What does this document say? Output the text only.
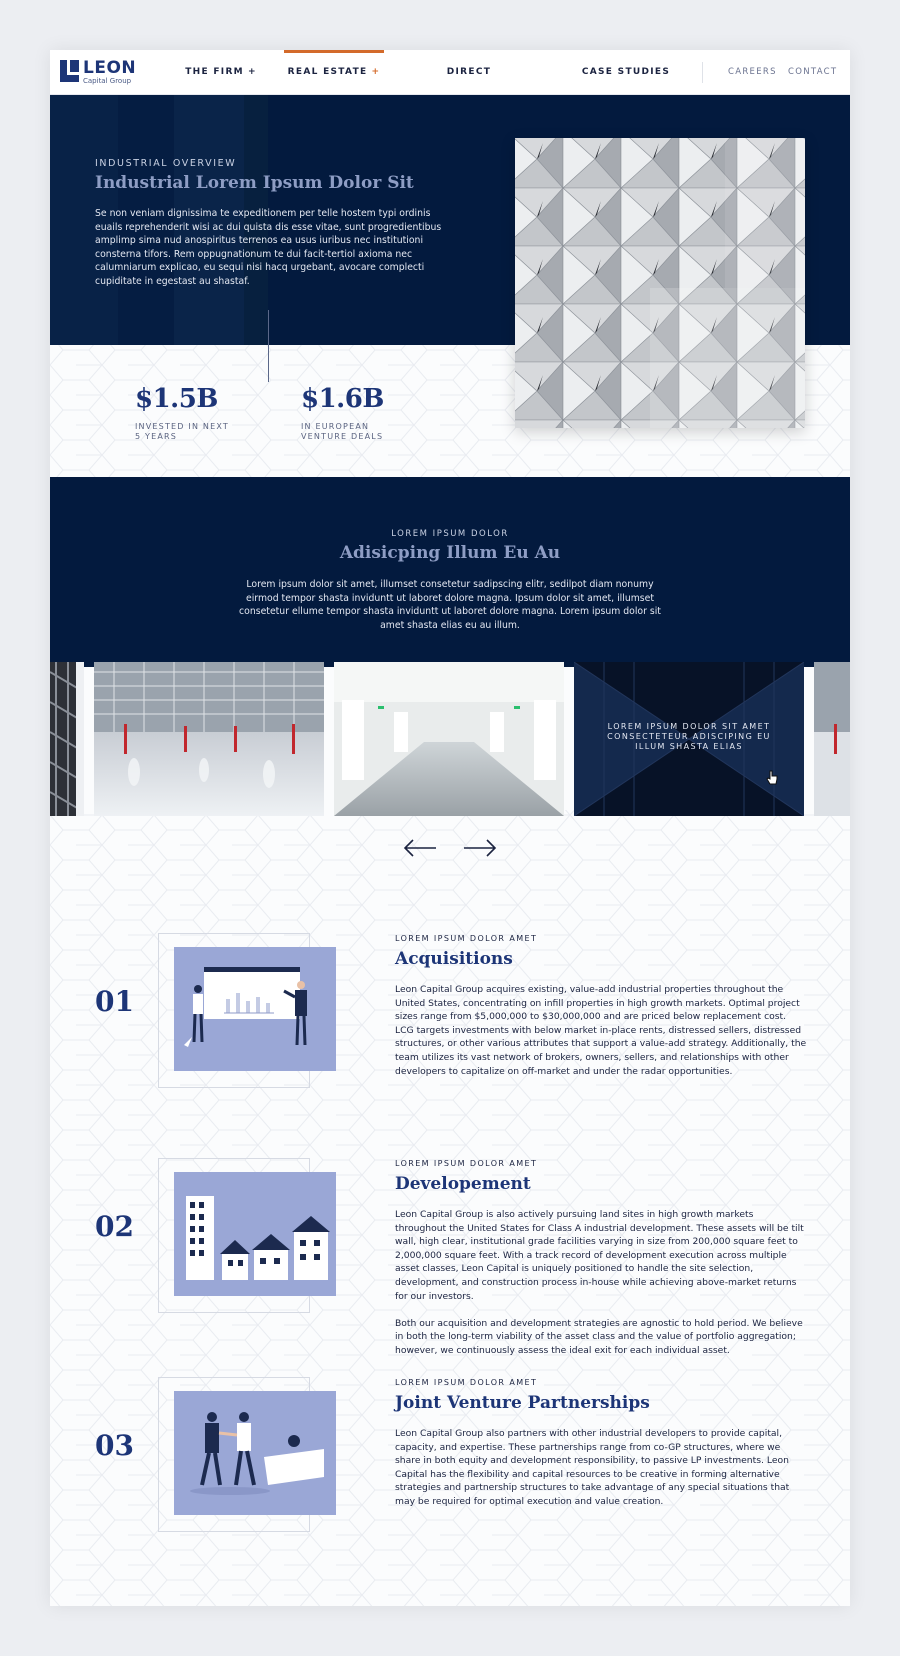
LEON
Capital Group
THE FIRM +	REAL ESTATE +	DIRECT	CASE STUDIES	CAREERS CONTACT
INDUSTRIAL OVERVIEW
Industrial Lorem Ipsum Dolor Sit
Se non veniam dignissima te expeditionem per telle hostem typi ordinis euails reprehenderit wisi ac dui quista dis esse vitae, sunt progredientibus amplimp sima nud anospiritus terrenos ea usus iuribus nec institutioni consterna tifors. Rem oppugnationum te dui facit-tertiol axioma nec calumniarum explicao, eu sequi nisi hacq urgebant, avocare complecti cupiditate in egestast au shastaf.
$1.5B
INVESTED IN NEXT
5 YEARS
$1.6B
IN EUROPEAN
VENTURE DEALS
LOREM IPSUM DOLOR
Adisicping Illum Eu Au
Lorem ipsum dolor sit amet, illumset consetetur sadipscing elitr, sedilpot diam nonumy eirmod tempor shasta inviduntt ut laboret dolore magna. Ipsum dolor sit amet, illumset consetetur ellume tempor shasta inviduntt ut laboret dolore magna. Lorem ipsum dolor sit amet shasta elias eu au illum.
LOREM IPSUM DOLOR SIT AMET CONSECTETEUR ADISCIPING EU ILLUM SHASTA ELIAS
01
LOREM IPSUM DOLOR AMET
Acquisitions

Leon Capital Group acquires existing, value-add industrial properties throughout the United States, concentrating on infill properties in high growth markets. Optimal project sizes range from $5,000,000 to $30,000,000 and are priced below replacement cost. LCG targets investments with below market in-place rents, distressed sellers, distressed structures, or other various attributes that support a value-add strategy. Additionally, the team utilizes its vast network of brokers, owners, sellers, and relationships with other developers to capitalize on off-market and under the radar opportunities.

02
LOREM IPSUM DOLOR AMET
Developement

Leon Capital Group is also actively pursuing land sites in high growth markets throughout the United States for Class A industrial development. These assets will be tilt wall, high clear, institutional grade facilities varying in size from 200,000 square feet to 2,000,000 square feet. With a track record of development execution across multiple asset classes, Leon Capital is uniquely positioned to handle the site selection, development, and construction process in-house while achieving above-market returns for our investors.

Both our acquisition and development strategies are agnostic to hold period. We believe in both the long-term viability of the asset class and the value of portfolio aggregation; however, we continuously assess the ideal exit for each individual asset.

03
LOREM IPSUM DOLOR AMET
Joint Venture Partnerships

Leon Capital Group also partners with other industrial developers to provide capital, capacity, and expertise. These partnerships range from co-GP structures, where we share in both equity and development responsibility, to passive LP investments. Leon Capital has the flexibility and capital resources to be creative in forming alternative strategies and partnership structures to take advantage of any special situations that may be required for optimal execution and value creation.
